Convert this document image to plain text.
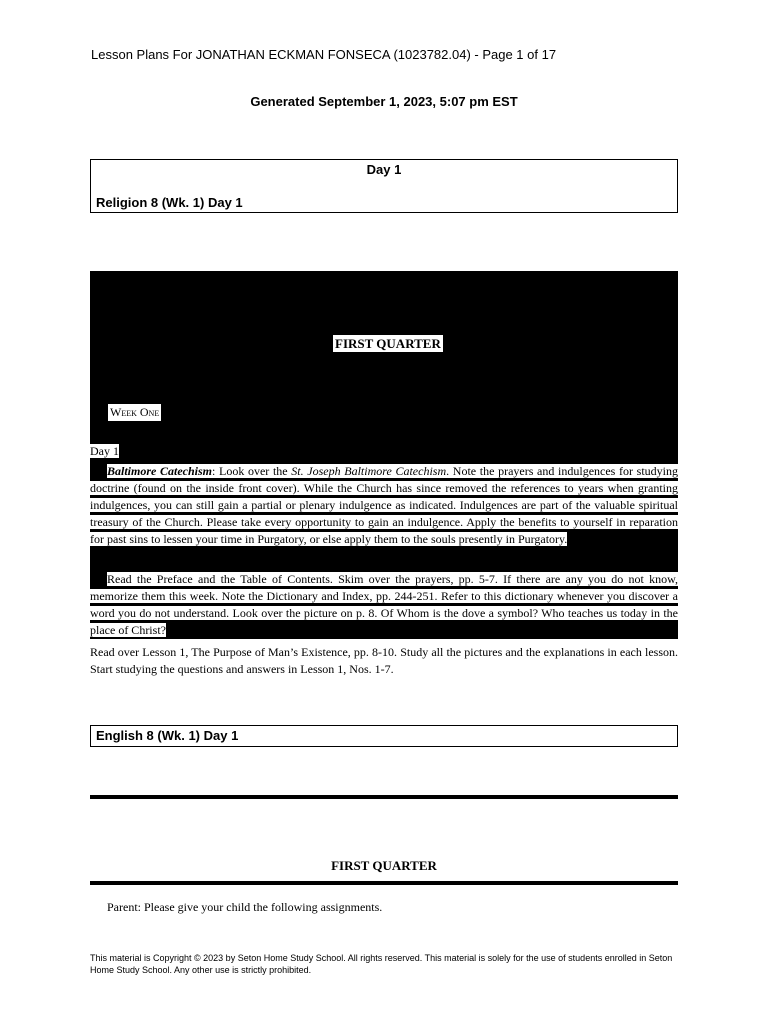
Lesson Plans For JONATHAN ECKMAN FONSECA (1023782.04) - Page 1 of 17
Generated September 1, 2023, 5:07 pm EST
Day 1
Religion 8 (Wk. 1) Day 1
FIRST QUARTER
Week One
Day 1
Baltimore Catechism: Look over the St. Joseph Baltimore Catechism. Note the prayers and indulgences for studying doctrine (found on the inside front cover). While the Church has since removed the references to years when granting indulgences, you can still gain a partial or plenary indulgence as indicated. Indulgences are part of the valuable spiritual treasury of the Church. Please take every opportunity to gain an indulgence. Apply the benefits to yourself in reparation for past sins to lessen your time in Purgatory, or else apply them to the souls presently in Purgatory.
Read the Preface and the Table of Contents. Skim over the prayers, pp. 5-7. If there are any you do not know, memorize them this week. Note the Dictionary and Index, pp. 244-251. Refer to this dictionary whenever you discover a word you do not understand. Look over the picture on p. 8. Of Whom is the dove a symbol? Who teaches us today in the place of Christ?
Read over Lesson 1, The Purpose of Man’s Existence, pp. 8-10. Study all the pictures and the explanations in each lesson. Start studying the questions and answers in Lesson 1, Nos. 1-7.
English 8 (Wk. 1) Day 1
FIRST QUARTER
Parent: Please give your child the following assignments.
This material is Copyright © 2023 by Seton Home Study School. All rights reserved. This material is solely for the use of students enrolled in Seton Home Study School. Any other use is strictly prohibited.
